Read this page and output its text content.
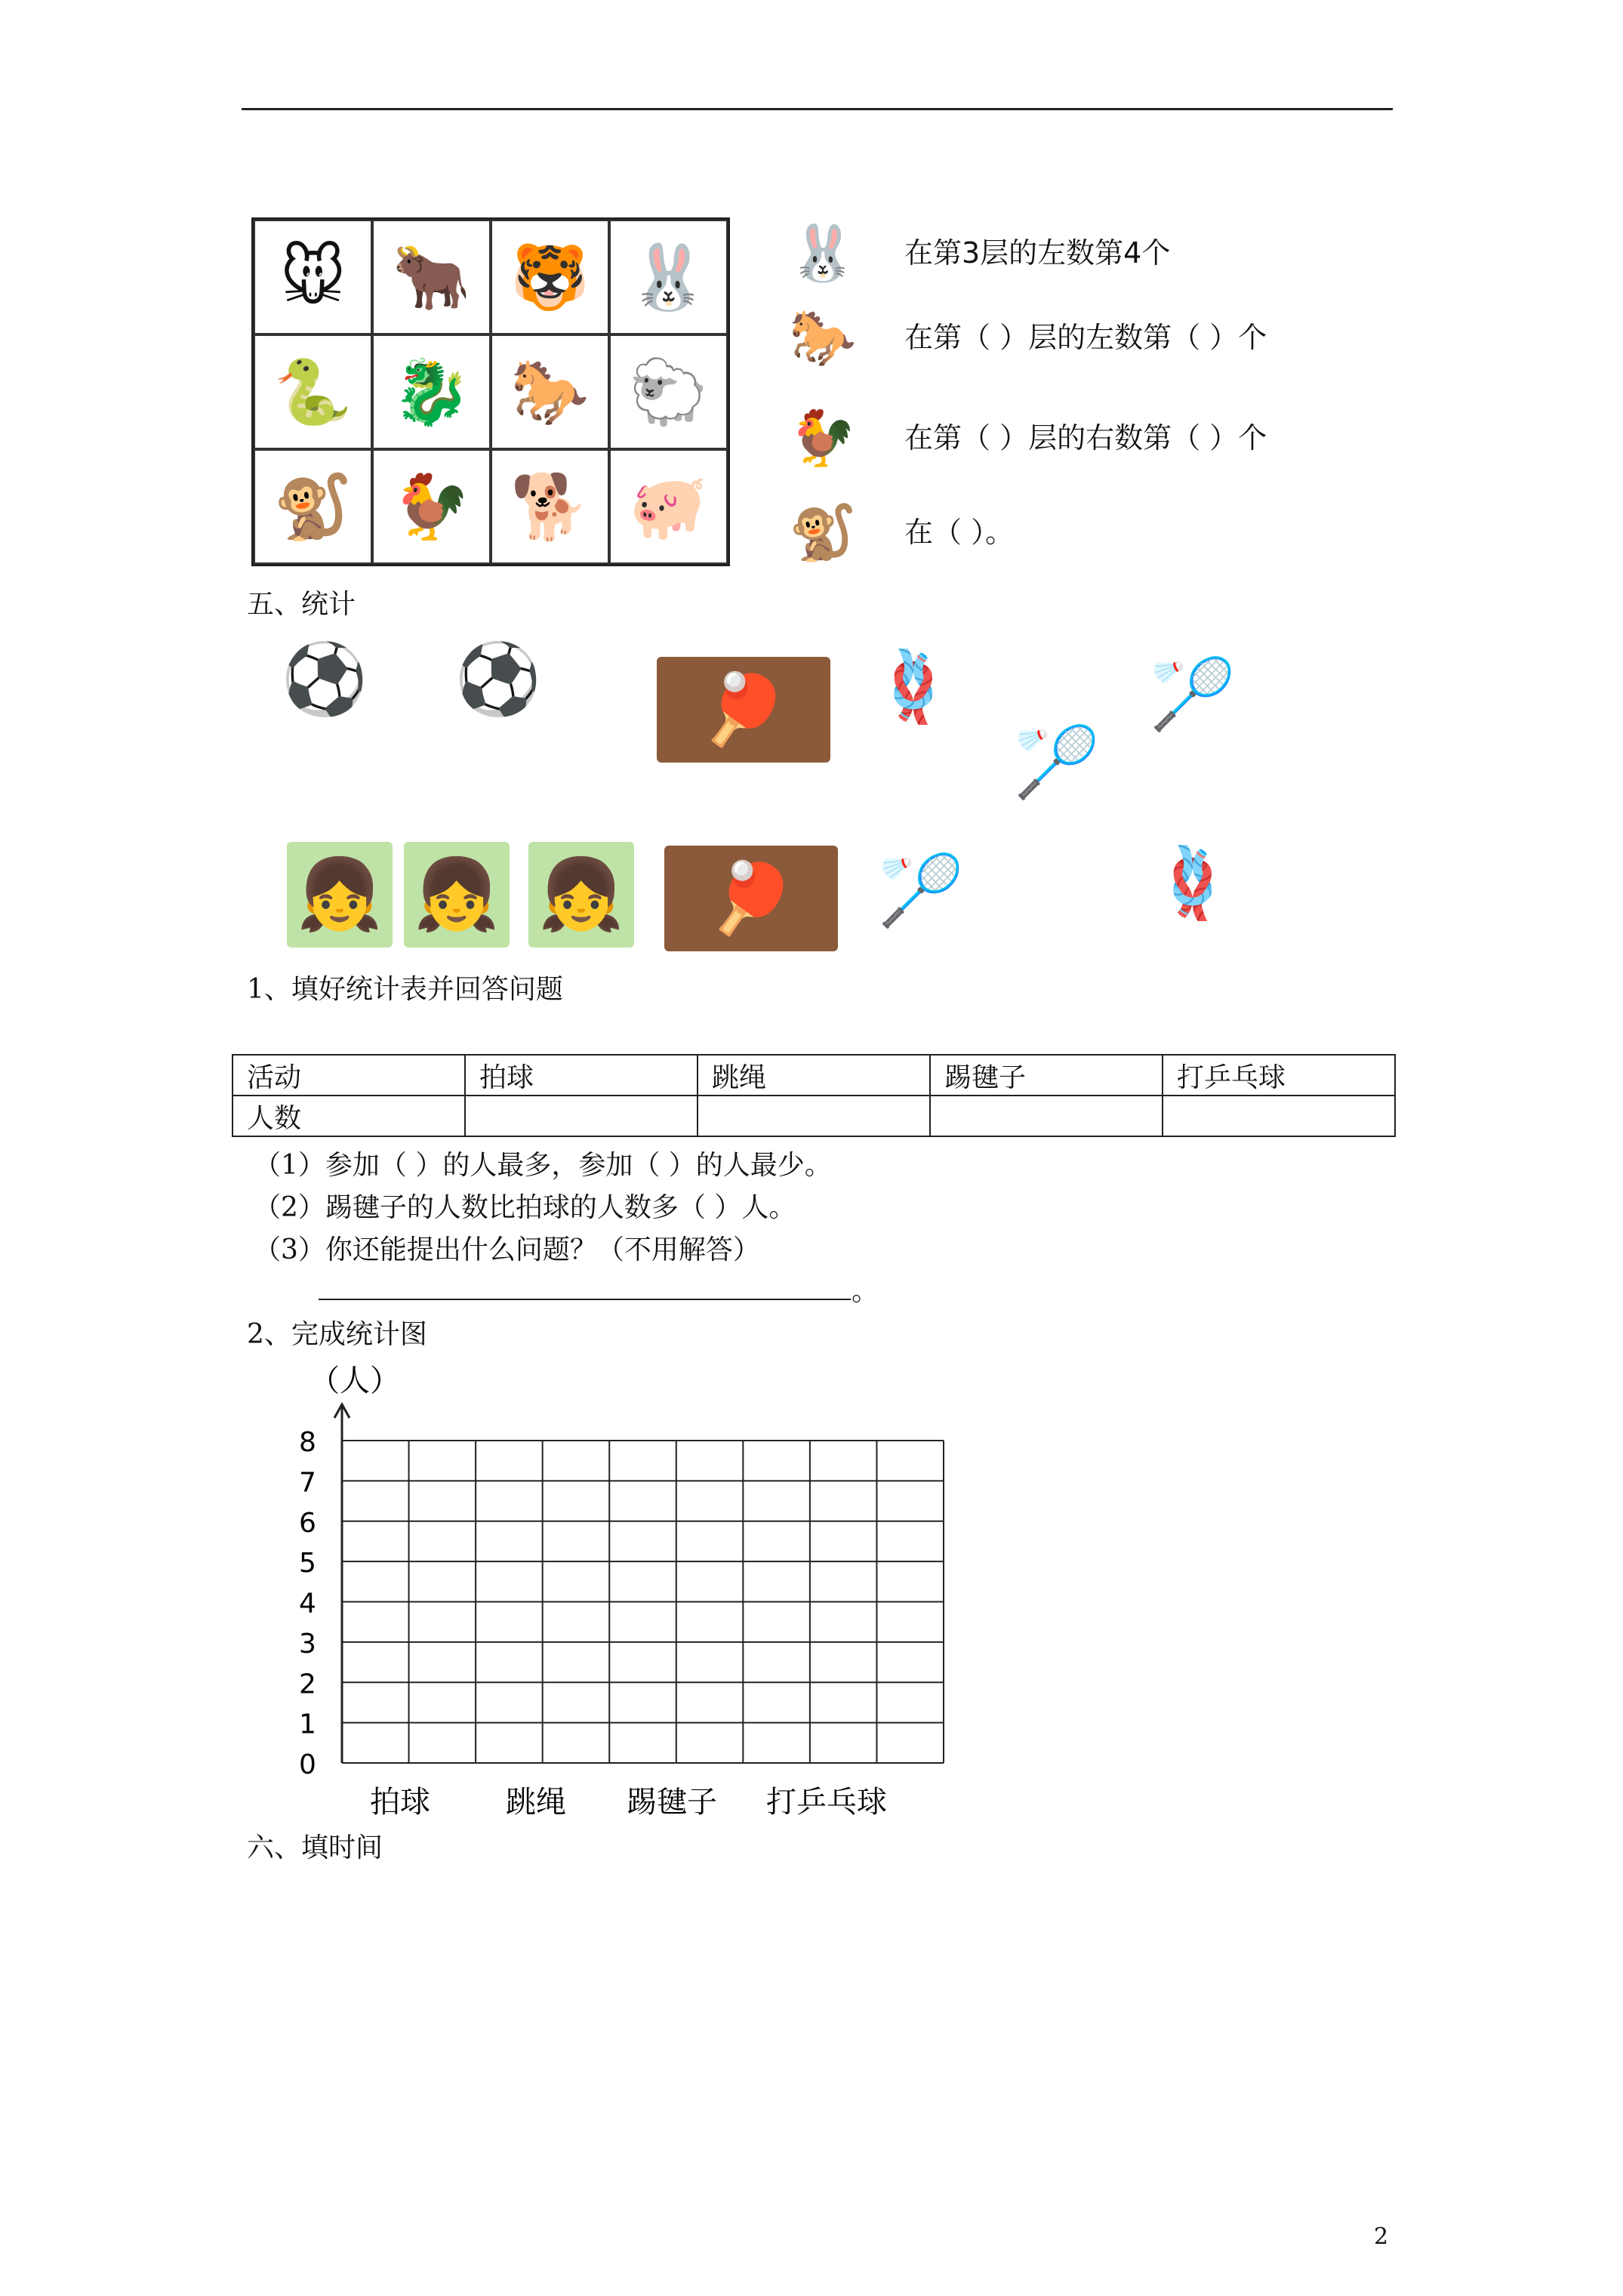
🐭 🐂 🐯 🐰
🐍 🐉 🐎 🐑
🐒 🐓 🐕 🐖
🐰 在第3层的左数第4个
🐎 在第（ ）层的左数第（ ）个
🐓 在第（ ）层的右数第（ ）个
🐒 在（ ）。
五、统计
⚽ ⚽	🏓	🪢
🏸
🏸
👧 👧 👧	🏓	🏸	🪢
1、填好统计表并回答问题
活动	拍球	跳绳	踢毽子	打乒乓球
人数				
（1）参加（ ）的人最多，参加（ ）的人最少。
（2）踢毽子的人数比拍球的人数多（ ）人。
（3）你还能提出什么问题？（不用解答）
。
2、完成统计图
（人）
0
1
2
3
4
5
6
7
8
拍球	跳绳 踢毽子 打乒乓球
六、填时间
2
